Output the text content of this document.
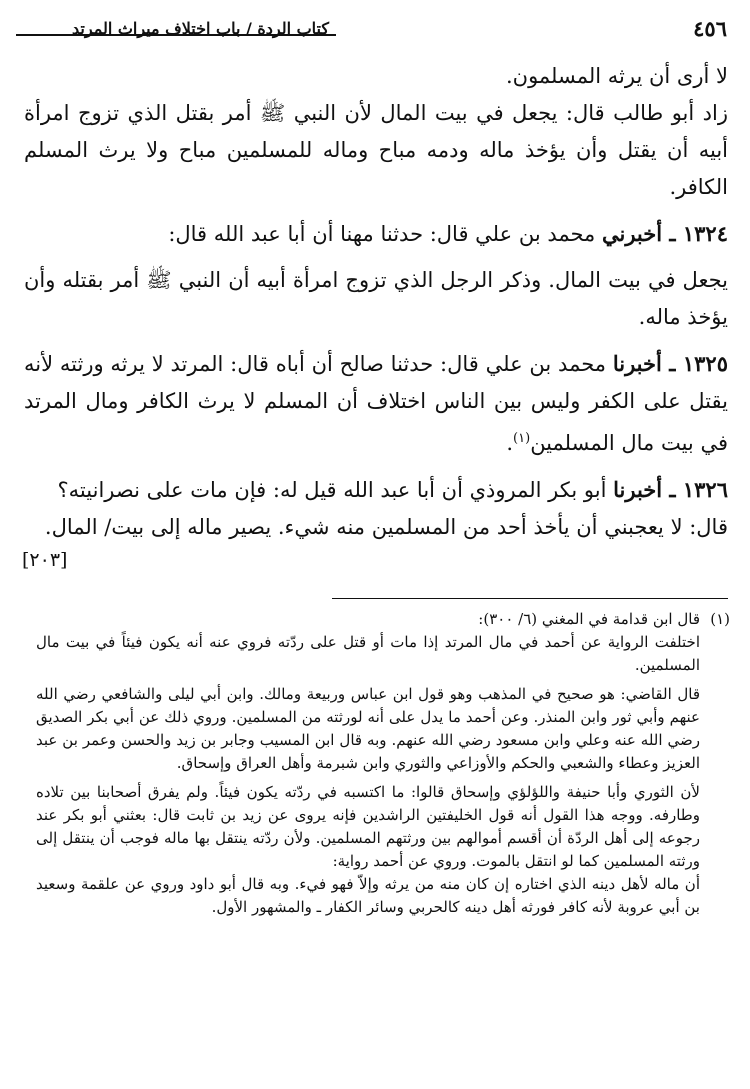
٤٥٦
كتاب الردة / باب اختلاف ميراث المرتد

لا أرى أن يرثه المسلمون.

زاد أبو طالب قال: يجعل في بيت المال لأن النبي ﷺ أمر بقتل الذي تزوج امرأة أبيه أن يقتل وأن يؤخذ ماله ودمه مباح وماله للمسلمين مباح ولا يرث المسلم الكافر.

١٣٢٤ ـ أخبرني محمد بن علي قال: حدثنا مهنا أن أبا عبد الله قال:

يجعل في بيت المال. وذكر الرجل الذي تزوج امرأة أبيه أن النبي ﷺ أمر بقتله وأن يؤخذ ماله.

١٣٢٥ ـ أخبرنا محمد بن علي قال: حدثنا صالح أن أباه قال: المرتد لا يرثه ورثته لأنه يقتل على الكفر وليس بين الناس اختلاف أن المسلم لا يرث الكافر ومال المرتد في بيت مال المسلمين$^{(١)}$.

١٣٢٦ ـ أخبرنا أبو بكر المروذي أن أبا عبد الله قيل له: فإن مات على نصرانيته؟

قال: لا يعجبني أن يأخذ أحد من المسلمين منه شيء. يصير ماله إلى بيت/ المال.

[٢٠٣]
(١)

قال ابن قدامة في المغني (٦/ ٣٠٠):

اختلفت الرواية عن أحمد في مال المرتد إذا مات أو قتل على ردّته فروي عنه أنه يكون فيئاً في بيت مال المسلمين.

قال القاضي: هو صحيح في المذهب وهو قول ابن عباس وربيعة ومالك. وابن أبي ليلى والشافعي رضي الله عنهم وأبي ثور وابن المنذر. وعن أحمد ما يدل على أنه لورثته من المسلمين. وروي ذلك عن أبي بكر الصديق رضي الله عنه وعلي وابن مسعود رضي الله عنهم. وبه قال ابن المسيب وجابر بن زيد والحسن وعمر بن عبد العزيز وعطاء والشعبي والحكم والأوزاعي والثوري وابن شبرمة وأهل العراق وإسحاق.

لأن الثوري وأبا حنيفة واللؤلؤي وإسحاق قالوا: ما اكتسبه في ردّته يكون فيئاً. ولم يفرق أصحابنا بين تلاده وطارفه. ووجه هذا القول أنه قول الخليفتين الراشدين فإنه يروى عن زيد بن ثابت قال: بعثني أبو بكر عند رجوعه إلى أهل الردّة أن أقسم أموالهم بين ورثتهم المسلمين. ولأن ردّته ينتقل بها ماله فوجب أن ينتقل إلى ورثته المسلمين كما لو انتقل بالموت. وروي عن أحمد رواية:

أن ماله لأهل دينه الذي اختاره إن كان منه من يرثه وإلاّ فهو فيء. وبه قال أبو داود وروي عن علقمة وسعيد بن أبي عروبة لأنه كافر فورثه أهل دينه كالحربي وسائر الكفار ـ والمشهور الأول.
